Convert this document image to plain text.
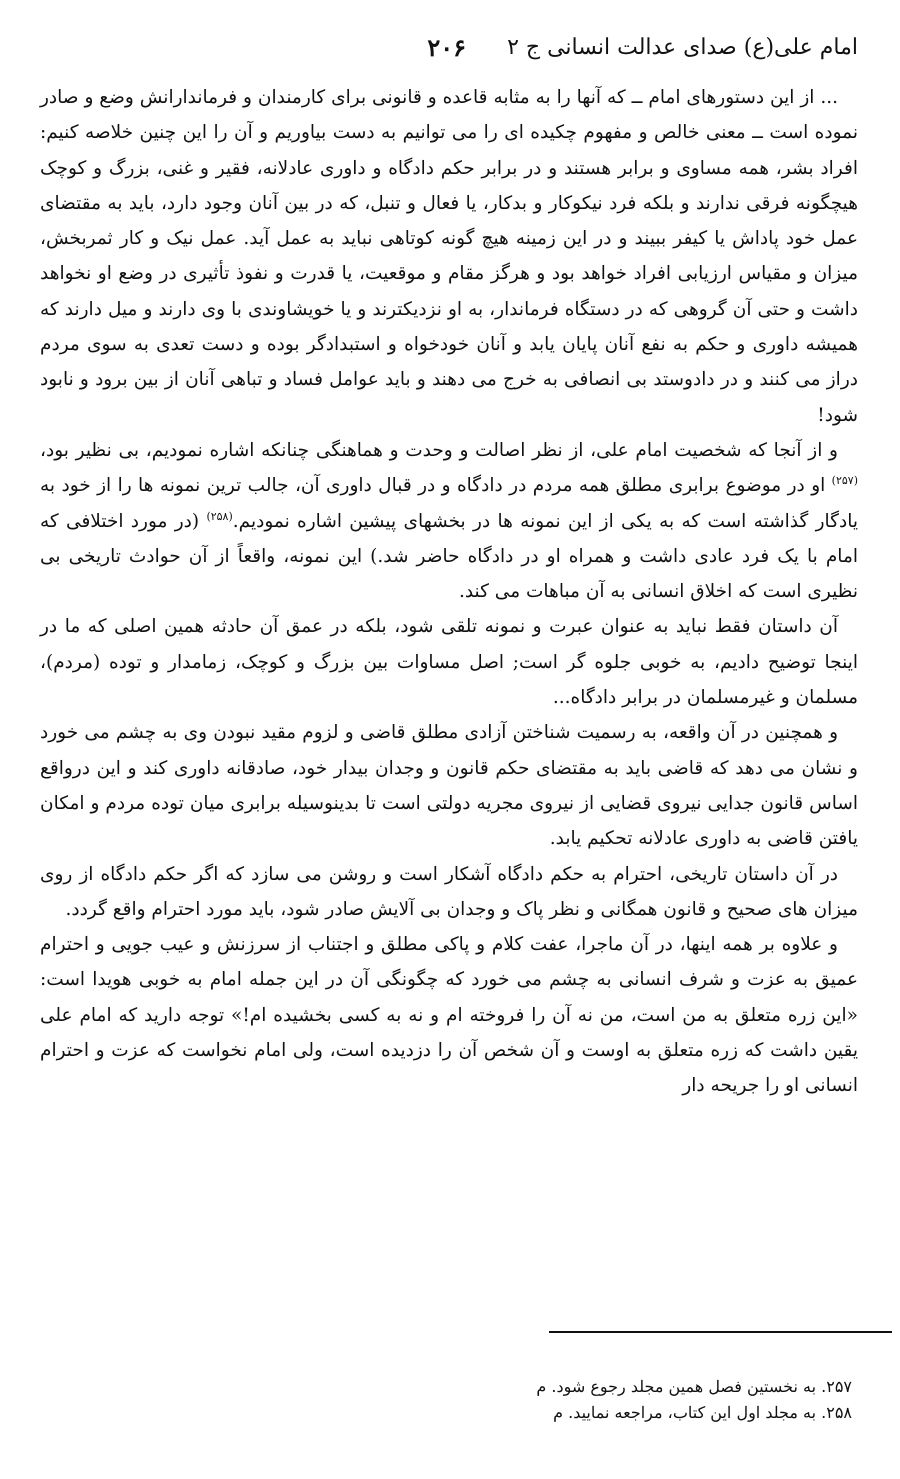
امام علی(ع) صدای عدالت انسانی ج ۲
۲۰۶

... از این دستورهای امام ــ که آنها را به مثابه قاعده و قانونی برای کارمندان و فرماندارانش وضع و صادر نموده است ــ معنی خالص و مفهوم چکیده ای را می توانیم به دست بیاوریم و آن را این چنین خلاصه کنیم: افراد بشر، همه مساوی و برابر هستند و در برابر حکم دادگاه و داوری عادلانه، فقیر و غنی، بزرگ و کوچک هیچگونه فرقی ندارند و بلکه فرد نیکوکار و بدکار، یا فعال و تنبل، که در بین آنان وجود دارد، باید به مقتضای عمل خود پاداش یا کیفر ببیند و در این زمینه هیچ گونه کوتاهی نباید به عمل آید. عمل نیک و کار ثمربخش، میزان و مقیاس ارزیابی افراد خواهد بود و هرگز مقام و موقعیت، یا قدرت و نفوذ تأثیری در وضع او نخواهد داشت و حتی آن گروهی که در دستگاه فرماندار، به او نزدیکترند و یا خویشاوندی با وی دارند و میل دارند که همیشه داوری و حکم به نفع آنان پایان یابد و آنان خودخواه و استبدادگر بوده و دست تعدی به سوی مردم دراز می کنند و در دادوستد بی انصافی به خرج می دهند و باید عوامل فساد و تباهی آنان از بین برود و نابود شود!

و از آنجا که شخصیت امام علی، از نظر اصالت و وحدت و هماهنگی چنانکه اشاره نمودیم، بی نظیر بود،$^{(۲۵۷)}$ او در موضوع برابری مطلق همه مردم در دادگاه و در قبال داوری آن، جالب ترین نمونه ها را از خود به یادگار گذاشته است که به یکی از این نمونه ها در بخشهای پیشین اشاره نمودیم.$^{(۲۵۸)}$ (در مورد اختلافی که امام با یک فرد عادی داشت و همراه او در دادگاه حاضر شد.) این نمونه، واقعاً از آن حوادث تاریخی بی نظیری است که اخلاق انسانی به آن مباهات می کند.

آن داستان فقط نباید به عنوان عبرت و نمونه تلقی شود، بلکه در عمق آن حادثه همین اصلی که ما در اینجا توضیح دادیم، به خوبی جلوه گر است; اصل مساوات بین بزرگ و کوچک، زمامدار و توده (مردم)، مسلمان و غیرمسلمان در برابر دادگاه...

و همچنین در آن واقعه، به رسمیت شناختن آزادی مطلق قاضی و لزوم مقید نبودن وی به چشم می خورد و نشان می دهد که قاضی باید به مقتضای حکم قانون و وجدان بیدار خود، صادقانه داوری کند و این درواقع اساس قانون جدایی نیروی قضایی از نیروی مجریه دولتی است تا بدینوسیله برابری میان توده مردم و امکان یافتن قاضی به داوری عادلانه تحکیم یابد.

در آن داستان تاریخی، احترام به حکم دادگاه آشکار است و روشن می سازد که اگر حکم دادگاه از روی میزان های صحیح و قانون همگانی و نظر پاک و وجدان بی آلایش صادر شود، باید مورد احترام واقع گردد.

و علاوه بر همه اینها، در آن ماجرا، عفت کلام و پاکی مطلق و اجتناب از سرزنش و عیب جویی و احترام عمیق به عزت و شرف انسانی به چشم می خورد که چگونگی آن در این جمله امام به خوبی هویدا است: «این زره متعلق به من است، من نه آن را فروخته ام و نه به کسی بخشیده ام!» توجه دارید که امام علی یقین داشت که زره متعلق به اوست و آن شخص آن را دزدیده است، ولی امام نخواست که عزت و احترام انسانی او را جریحه دار

۲۵۷. به نخستین فصل همین مجلد رجوع شود. م
۲۵۸. به مجلد اول این کتاب، مراجعه نمایید. م
